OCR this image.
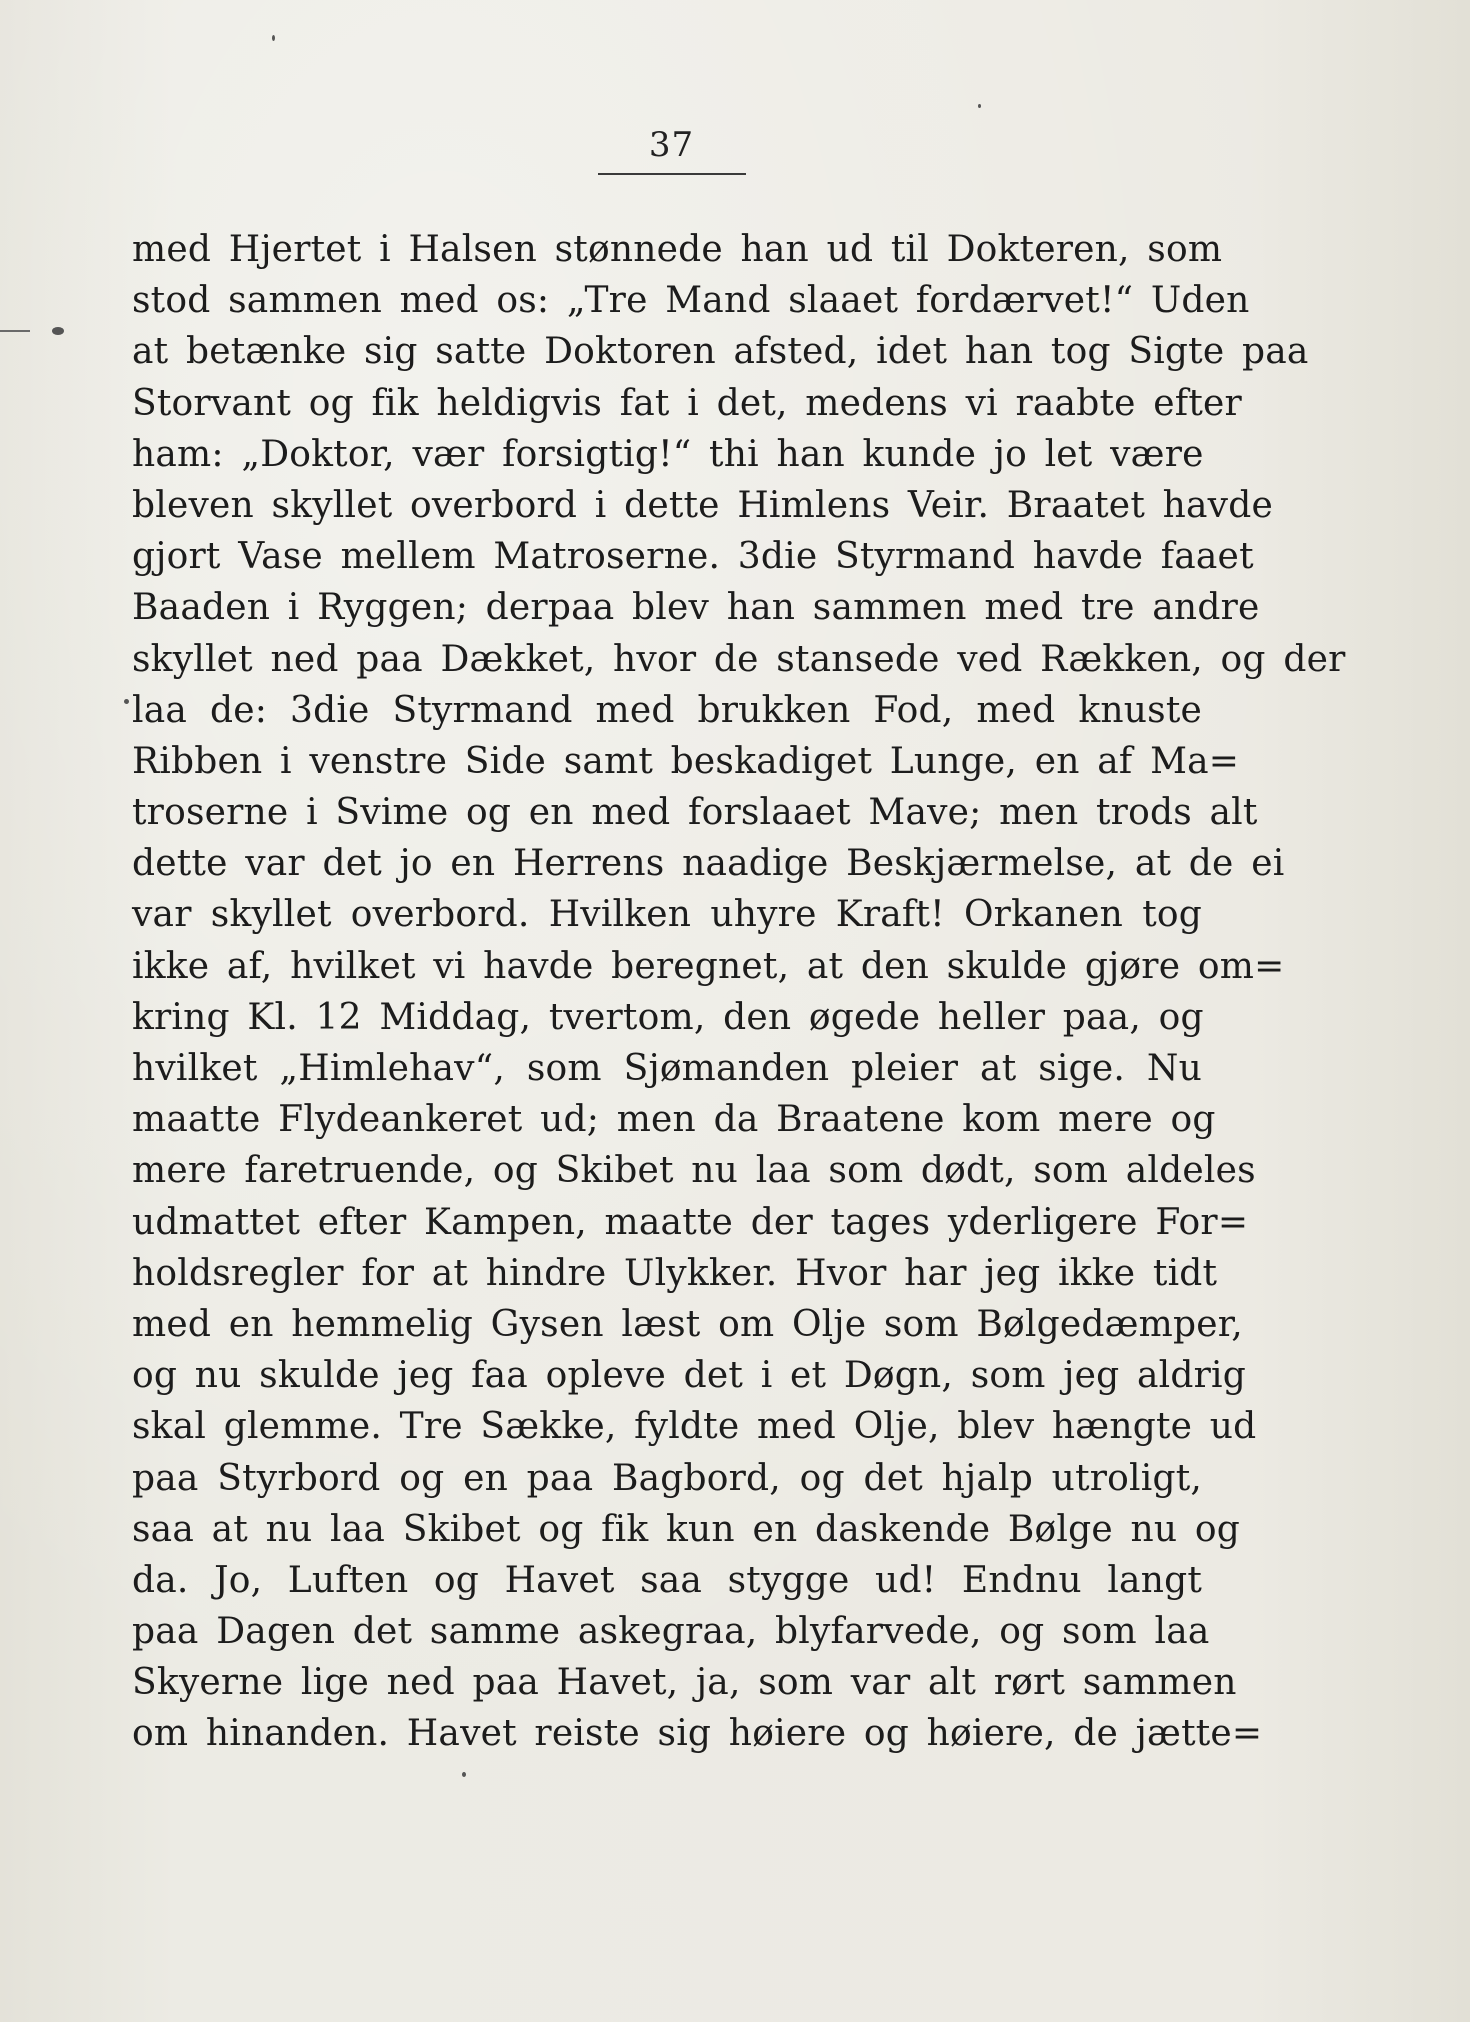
37
med Hjertet i Halsen stønnede han ud til Dokteren, som
stod sammen med os: „Tre Mand slaaet fordærvet!“ Uden
at betænke sig satte Doktoren afsted, idet han tog Sigte paa
Storvant og fik heldigvis fat i det, medens vi raabte efter
ham: „Doktor, vær forsigtig!“ thi han kunde jo let være
bleven skyllet overbord i dette Himlens Veir. Braatet havde
gjort Vase mellem Matroserne. 3die Styrmand havde faaet
Baaden i Ryggen; derpaa blev han sammen med tre andre
skyllet ned paa Dækket, hvor de stansede ved Rækken, og der
laa de: 3die Styrmand med brukken Fod, med knuste
Ribben i venstre Side samt beskadiget Lunge, en af Ma=
troserne i Svime og en med forslaaet Mave; men trods alt
dette var det jo en Herrens naadige Beskjærmelse, at de ei
var skyllet overbord. Hvilken uhyre Kraft! Orkanen tog
ikke af, hvilket vi havde beregnet, at den skulde gjøre om=
kring Kl. 12 Middag, tvertom, den øgede heller paa, og
hvilket „Himlehav“, som Sjømanden pleier at sige. Nu
maatte Flydeankeret ud; men da Braatene kom mere og
mere faretruende, og Skibet nu laa som dødt, som aldeles
udmattet efter Kampen, maatte der tages yderligere For=
holdsregler for at hindre Ulykker. Hvor har jeg ikke tidt
med en hemmelig Gysen læst om Olje som Bølgedæmper,
og nu skulde jeg faa opleve det i et Døgn, som jeg aldrig
skal glemme. Tre Sække, fyldte med Olje, blev hængte ud
paa Styrbord og en paa Bagbord, og det hjalp utroligt,
saa at nu laa Skibet og fik kun en daskende Bølge nu og
da. Jo, Luften og Havet saa stygge ud! Endnu langt
paa Dagen det samme askegraa, blyfarvede, og som laa
Skyerne lige ned paa Havet, ja, som var alt rørt sammen
om hinanden. Havet reiste sig høiere og høiere, de jætte=
